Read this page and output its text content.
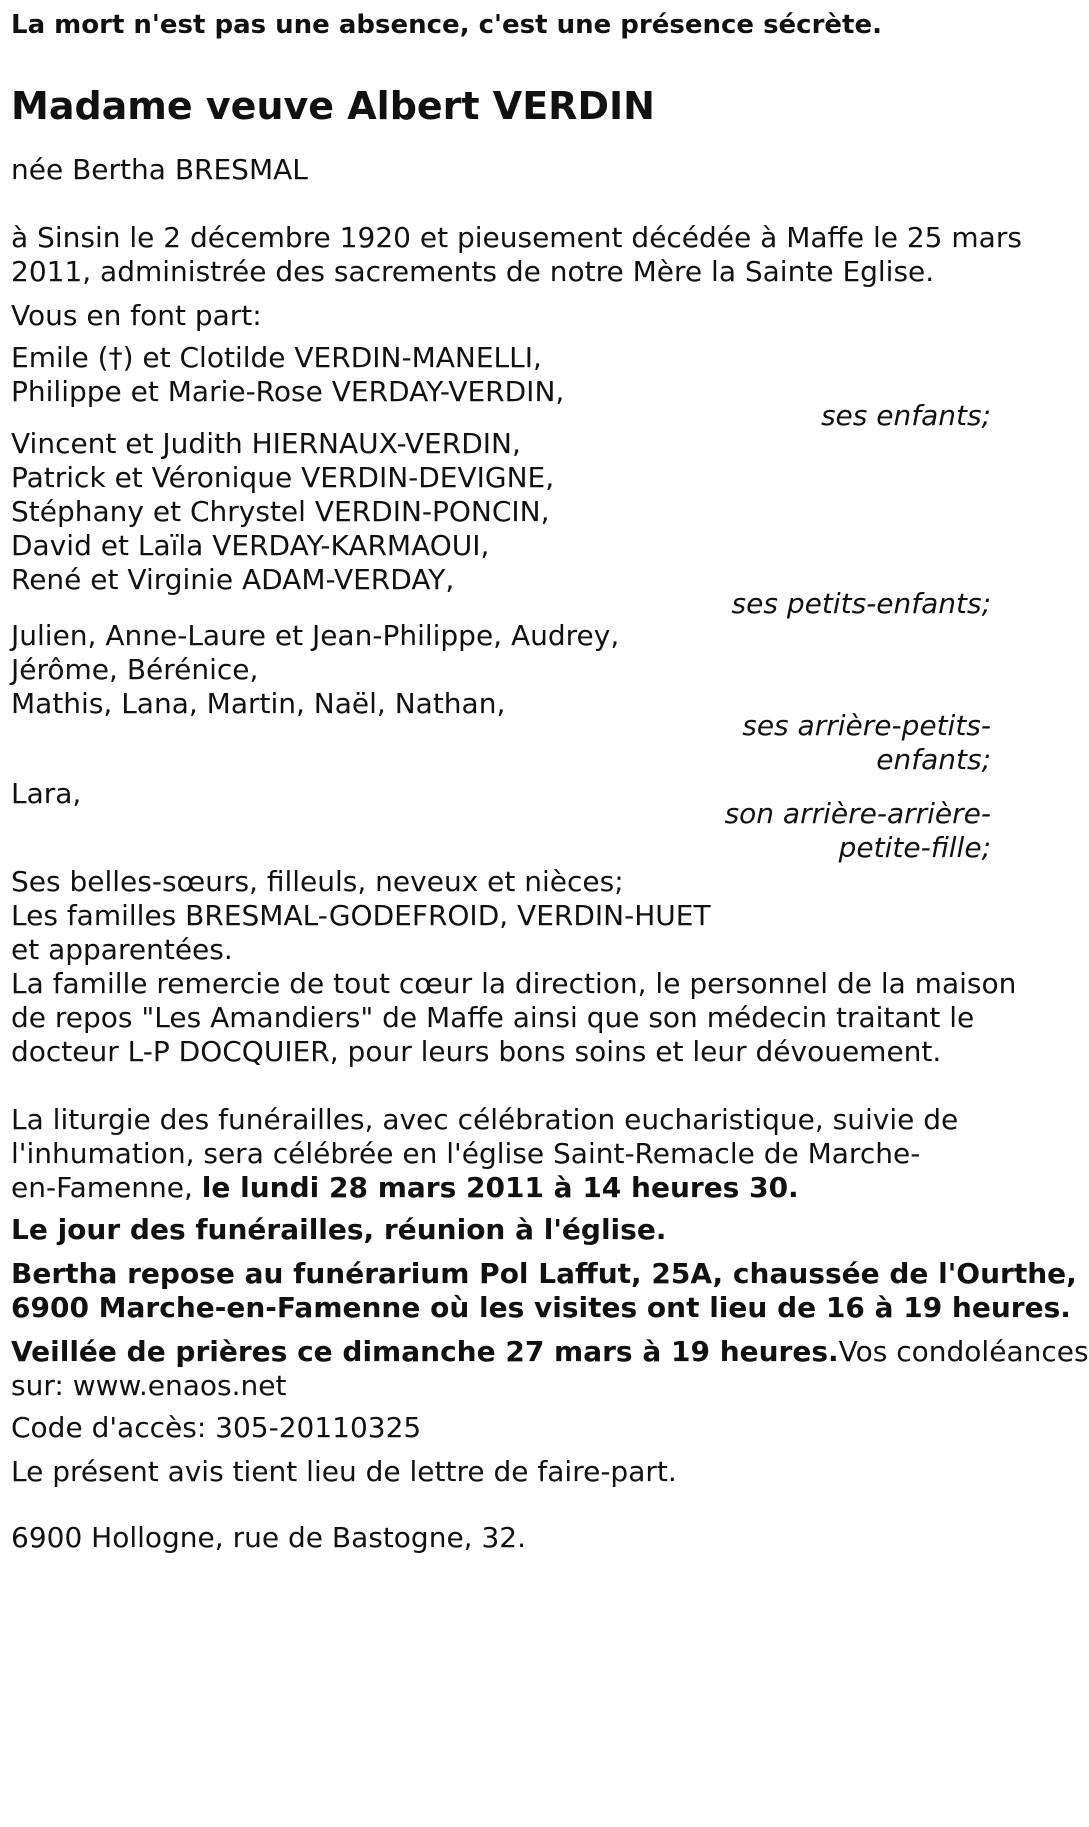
La mort n'est pas une absence, c'est une présence sécrète.
Madame veuve Albert VERDIN
née Bertha BRESMAL
à Sinsin le 2 décembre 1920 et pieusement décédée à Maffe le 25 mars
2011, administrée des sacrements de notre Mère la Sainte Eglise.
Vous en font part:
Emile (†) et Clotilde VERDIN-MANELLI,
Philippe et Marie-Rose VERDAY-VERDIN,
ses enfants;
Vincent et Judith HIERNAUX-VERDIN,
Patrick et Véronique VERDIN-DEVIGNE,
Stéphany et Chrystel VERDIN-PONCIN,
David et Laïla VERDAY-KARMAOUI,
René et Virginie ADAM-VERDAY,
ses petits-enfants;
Julien, Anne-Laure et Jean-Philippe, Audrey,
Jérôme, Bérénice,
Mathis, Lana, Martin, Naël, Nathan,
ses arrière-petits-
enfants;
Lara,
son arrière-arrière-
petite-fille;
Ses belles-sœurs, filleuls, neveux et nièces;
Les familles BRESMAL-GODEFROID, VERDIN-HUET
et apparentées.
La famille remercie de tout cœur la direction, le personnel de la maison
de repos "Les Amandiers" de Maffe ainsi que son médecin traitant le
docteur L-P DOCQUIER, pour leurs bons soins et leur dévouement.
La liturgie des funérailles, avec célébration eucharistique, suivie de
l'inhumation, sera célébrée en l'église Saint-Remacle de Marche-
en-Famenne, le lundi 28 mars 2011 à 14 heures 30.
Le jour des funérailles, réunion à l'église.
Bertha repose au funérarium Pol Laffut, 25A, chaussée de l'Ourthe,
6900 Marche-en-Famenne où les visites ont lieu de 16 à 19 heures.
Veillée de prières ce dimanche 27 mars à 19 heures.Vos condoléances
sur: www.enaos.net
Code d'accès: 305-20110325
Le présent avis tient lieu de lettre de faire-part.
6900 Hollogne, rue de Bastogne, 32.
